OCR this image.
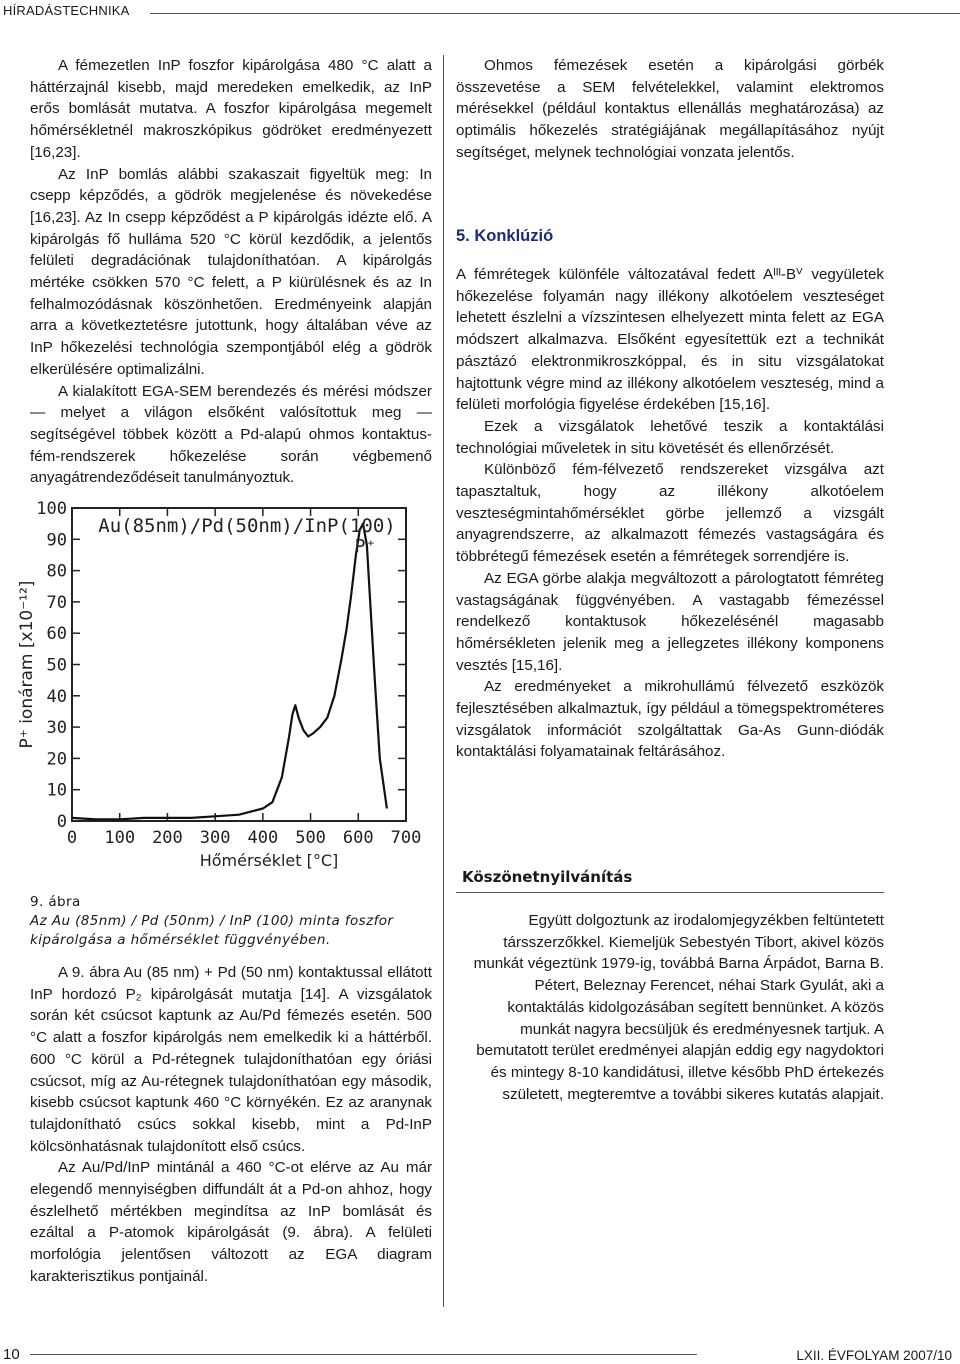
HÍRADÁSTECHNIKA

A fémezetlen InP foszfor kipárolgása 480 °C alatt a háttérzajnál kisebb, majd meredeken emelkedik, az InP erős bomlását mutatva. A foszfor kipárolgása megemelt hőmérsékletnél makroszkópikus gödröket eredményezett [16,23].

Az InP bomlás alábbi szakaszait figyeltük meg: In csepp képződés, a gödrök megjelenése és növekedése [16,23]. Az In csepp képződést a P kipárolgás idézte elő. A kipárolgás fő hulláma 520 °C körül kezdődik, a jelentős felületi degradációnak tulajdoníthatóan. A kipárolgás mértéke csökken 570 °C felett, a P kiürülésnek és az In felhalmozódásnak köszönhetően. Eredményeink alapján arra a következtetésre jutottunk, hogy általában véve az InP hőkezelési technológia szempontjából elég a gödrök elkerülésére optimalizálni.

A kialakított EGA-SEM berendezés és mérési módszer — melyet a világon elsőként valósítottuk meg — segítségével többek között a Pd-alapú ohmos kontaktus-fém-rendszerek hőkezelése során végbemenő anyagátrendeződéseit tanulmányoztuk.

0 100 200 300 400 500 600 700
0
10
20
30
40
50
60
70
80
90
100
Au(85nm)/Pd(50nm)/InP(100)
P⁺
Hőmérséklet [°C]
P⁺ ionáram [x10⁻¹²]
9. ábra
Az Au (85nm) / Pd (50nm) / InP (100) minta foszfor kipárolgása a hőmérséklet függvényében.

A 9. ábra Au (85 nm) + Pd (50 nm) kontaktussal ellátott InP hordozó P₂ kipárolgását mutatja [14]. A vizsgálatok során két csúcsot kaptunk az Au/Pd fémezés esetén. 500 °C alatt a foszfor kipárolgás nem emelkedik ki a háttérből. 600 °C körül a Pd-rétegnek tulajdoníthatóan egy óriási csúcsot, míg az Au-rétegnek tulajdoníthatóan egy második, kisebb csúcsot kaptunk 460 °C környékén. Ez az aranynak tulajdonítható csúcs sokkal kisebb, mint a Pd-InP kölcsönhatásnak tulajdonított első csúcs.

Az Au/Pd/InP mintánál a 460 °C-ot elérve az Au már elegendő mennyiségben diffundált át a Pd-on ahhoz, hogy észlelhető mértékben megindítsa az InP bomlását és ezáltal a P-atomok kipárolgását (9. ábra). A felületi morfológia jelentősen változott az EGA diagram karakterisztikus pontjainál.

Ohmos fémezések esetén a kipárolgási görbék összevetése a SEM felvételekkel, valamint elektromos mérésekkel (például kontaktus ellenállás meghatározása) az optimális hőkezelés stratégiájának megállapításához nyújt segítséget, melynek technológiai vonzata jelentős.

5. Konklúzió

A fémrétegek különféle változatával fedett Aᴵᴵᴵ-Bⱽ vegyületek hőkezelése folyamán nagy illékony alkotóelem veszteséget lehetett észlelni a vízszintesen elhelyezett minta felett az EGA módszert alkalmazva. Elsőként egyesítettük ezt a technikát pásztázó elektronmikroszkóppal, és in situ vizsgálatokat hajtottunk végre mind az illékony alkotóelem veszteség, mind a felületi morfológia figyelése érdekében [15,16].

Ezek a vizsgálatok lehetővé teszik a kontaktálási technológiai műveletek in situ követését és ellenőrzését.

Különböző fém-félvezető rendszereket vizsgálva azt tapasztaltuk, hogy az illékony alkotóelem veszteségmintahőmérséklet görbe jellemző a vizsgált anyagrendszerre, az alkalmazott fémezés vastagságára és többrétegű fémezések esetén a fémrétegek sorrendjére is.

Az EGA görbe alakja megváltozott a párologtatott fémréteg vastagságának függvényében. A vastagabb fémezéssel rendelkező kontaktusok hőkezelésénél magasabb hőmérsékleten jelenik meg a jellegzetes illékony komponens vesztés [15,16].

Az eredményeket a mikrohullámú félvezető eszközök fejlesztésében alkalmaztuk, így például a tömegspektrométeres vizsgálatok információt szolgáltattak Ga-As Gunn-diódák kontaktálási folyamatainak feltárásához.

Köszönetnyilvánítás

Együtt dolgoztunk az irodalomjegyzékben feltüntetett társszerzőkkel. Kiemeljük Sebestyén Tibort, akivel közös munkát végeztünk 1979-ig, továbbá Barna Árpádot, Barna B. Pétert, Beleznay Ferencet, néhai Stark Gyulát, aki a kontaktálás kidolgozásában segített bennünket. A közös munkát nagyra becsüljük és eredményesnek tartjuk. A bemutatott terület eredményei alapján eddig egy nagydoktori és mintegy 8-10 kandidátusi, illetve később PhD értekezés született, megteremtve a további sikeres kutatás alapjait.

10	LXII. ÉVFOLYAM 2007/10
